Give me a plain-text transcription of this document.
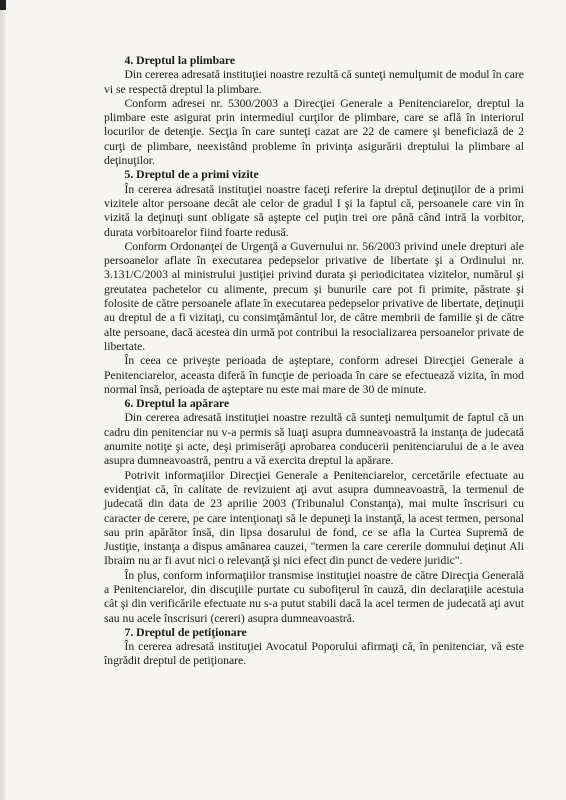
4. Dreptul la plimbare

Din cererea adresată instituţiei noastre rezultă că sunteţi nemulţumit de modul în care vi se respectă dreptul la plimbare.

Conform adresei nr. 5300/2003 a Direcţiei Generale a Penitenciarelor, dreptul la plimbare este asigurat prin intermediul curţilor de plimbare, care se află în interiorul locurilor de detenţie. Secţia în care sunteţi cazat are 22 de camere şi beneficiază de 2 curţi de plimbare, neexistând probleme în privinţa asigurării dreptului la plimbare al deţinuţilor.

5. Dreptul de a primi vizite

În cererea adresată instituţiei noastre faceţi referire la dreptul deţinuţilor de a primi vizitele altor persoane decât ale celor de gradul I şi la faptul că, persoanele care vin în vizită la deţinuţi sunt obligate să aştepte cel puţin trei ore până când intră la vorbitor, durata vorbitoarelor fiind foarte redusă.

Conform Ordonanţei de Urgenţă a Guvernului nr. 56/2003 privind unele drepturi ale persoanelor aflate în executarea pedepselor privative de libertate şi a Ordinului nr. 3.131/C/2003 al ministrului justiţiei privind durata şi periodicitatea vizitelor, numărul şi greutatea pachetelor cu alimente, precum şi bunurile care pot fi primite, păstrate şi folosite de către persoanele aflate în executarea pedepselor privative de libertate, deţinuţii au dreptul de a fi vizitaţi, cu consimţământul lor, de către membrii de familie şi de către alte persoane, dacă acestea din urmă pot contribui la resocializarea persoanelor private de libertate.

În ceea ce priveşte perioada de aşteptare, conform adresei Direcţiei Generale a Penitenciarelor, aceasta diferă în funcţie de perioada în care se efectuează vizita, în mod normal însă, perioada de aşteptare nu este mai mare de 30 de minute.

6. Dreptul la apărare

Din cererea adresată instituţiei noastre rezultă că sunteţi nemulţumit de faptul că un cadru din penitenciar nu v-a permis să luaţi asupra dumneavoastră la instanţa de judecată anumite notiţe şi acte, deşi primiserăţi aprobarea conducerii penitenciarului de a le avea asupra dumneavoastră, pentru a vă exercita dreptul la apărare.

Potrivit informaţiilor Direcţiei Generale a Penitenciarelor, cercetările efectuate au evidenţiat că, în calitate de revizuient aţi avut asupra dumneavoastră, la termenul de judecată din data de 23 aprilie 2003 (Tribunalul Constanţa), mai multe înscrisuri cu caracter de cerere, pe care intenţionaţi să le depuneţi la instanţă, la acest termen, personal sau prin apărător însă, din lipsa dosarului de fond, ce se afla la Curtea Supremă de Justiţie, instanţa a dispus amânarea cauzei, "termen la care cererile domnului deţinut Ali Ibraim nu ar fi avut nici o relevanţă şi nici efect din punct de vedere juridic".

În plus, conform informaţiilor transmise instituţiei noastre de către Direcţia Generală a Penitenciarelor, din discuţiile purtate cu subofiţerul în cauză, din declaraţiile acestuia cât şi din verificările efectuate nu s-a putut stabili dacă la acel termen de judecată aţi avut sau nu acele înscrisuri (cereri) asupra dumneavoastră.

7. Dreptul de petiţionare

În cererea adresată instituţiei Avocatul Poporului afirmaţi că, în penitenciar, vă este îngrădit dreptul de petiţionare.
